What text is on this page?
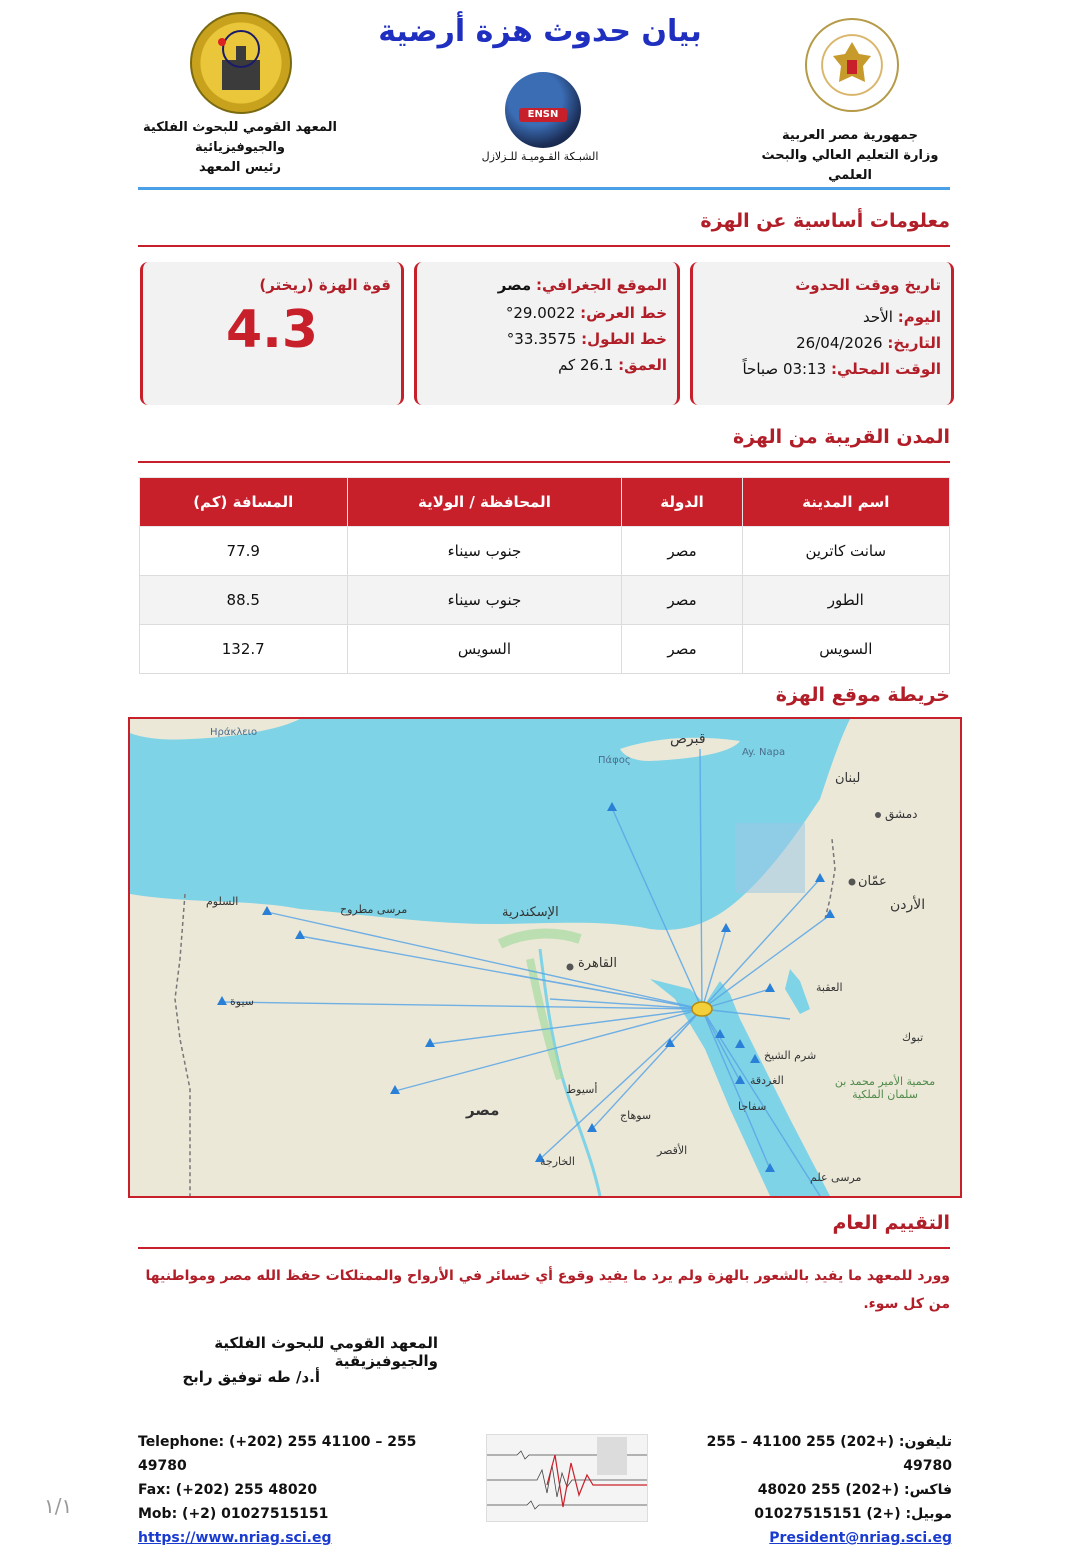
بيان حدوث هزة أرضية
المعهد القومي للبحوث الفلكية
والجيوفيزيائية
رئيس المعهد
ENSN
الشبـكة القـوميـة للـزلازل
جمهورية مصر العربية
وزارة التعليم العالي والبحث العلمي
معلومات أساسية عن الهزة
تاريخ ووقت الحدوث
اليوم: الأحد
التاريخ: 26/04/2026
الوقت المحلي: 03:13 صباحاً
الموقع الجغرافي: مصر
خط العرض: 29.0022°
خط الطول: 33.3575°
العمق: 26.1 كم
قوة الهزة (ريختر)
4.3
المدن القريبة من الهزة
اسم المدينة	الدولة	المحافظة / الولاية	المسافة (كم)
سانت كاترين	مصر	جنوب سيناء	77.9
الطور	مصر	جنوب سيناء	88.5
السويس	مصر	السويس	132.7
خريطة موقع الهزة
القاهرة
الإسكندرية
مصر
لبنان
دمشق
عمّان
الأردن
قبرص
سيوة
السلوم
مرسى مطروح
أسيوط
الغردقة
شرم الشيخ
العقبة
تبوك
الأقصر
الخارجة
سوهاج
سفاجا
مرسى علم
Ηράκλειο
Πάφος
Ay. Napa
محمية الأمير محمد بن سلمان الملكية
التقييم العام
وورد للمعهد ما يفيد بالشعور بالهزة ولم يرد ما يفيد وقوع أي خسائر في الأرواح والممتلكات حفظ الله مصر ومواطنيها من كل سوء.
المعهد القومي للبحوث الفلكية والجيوفيزيقية
أ.د/ طه توفيق رابح
Telephone: (+202) 255 41100 – 255 49780
Fax: (+202) 255 48020
Mob: (+2) 01027515151
https://www.nriag.sci.eg
تليفون: (+202) 255 41100 – 255 49780
فاكس: (+202) 255 48020
موبيل: (+2) 01027515151
President@nriag.sci.eg
١/١
